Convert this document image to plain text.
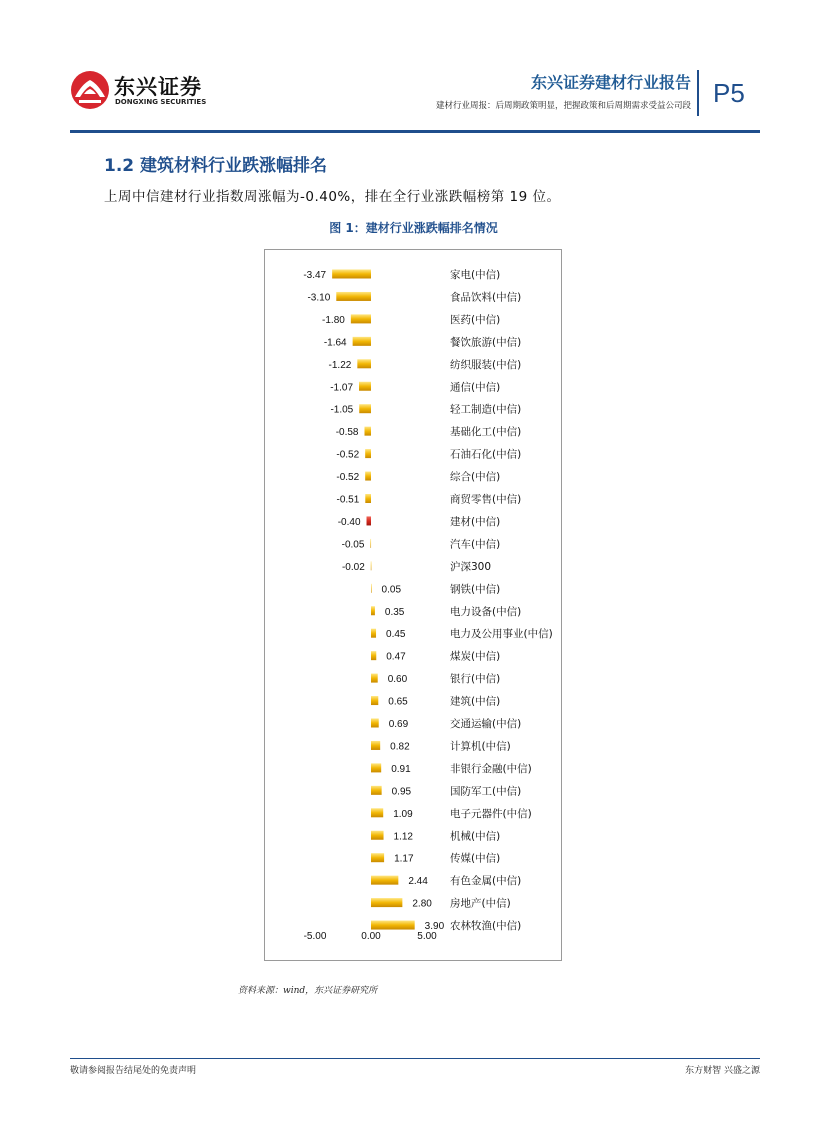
东兴证券
DONGXING SECURITIES
东兴证券建材行业报告
建材行业周报：后周期政策明显，把握政策和后周期需求受益公司段 P5
1.2 建筑材料行业跌涨幅排名
上周中信建材行业指数周涨幅为-0.40%，排在全行业涨跌幅榜第 19 位。
图 1：建材行业涨跌幅排名情况
-3.47	家电(中信)
-3.10	食品饮料(中信)
-1.80	医药(中信)
-1.64	餐饮旅游(中信)
-1.22	纺织服装(中信)
-1.07	通信(中信)
-1.05	轻工制造(中信)
-0.58	基础化工(中信)
-0.52	石油石化(中信)
-0.52	综合(中信)
-0.51	商贸零售(中信)
-0.40	建材(中信)
-0.05	汽车(中信)
-0.02	沪深300
0.05	钢铁(中信)
0.35	电力设备(中信)
0.45	电力及公用事业(中信)
0.47	煤炭(中信)
0.60	银行(中信)
0.65	建筑(中信)
0.69	交通运输(中信)
0.82	计算机(中信)
0.91	非银行金融(中信)
0.95	国防军工(中信)
1.09	电子元器件(中信)
1.12	机械(中信)
1.17	传媒(中信)
2.44 有色金属(中信)
2.80 房地产(中信)
3.90 农林牧渔(中信)
-5.00	0.00	5.00
资料来源：wind，东兴证券研究所
敬请参阅报告结尾处的免责声明	东方财智 兴盛之源
